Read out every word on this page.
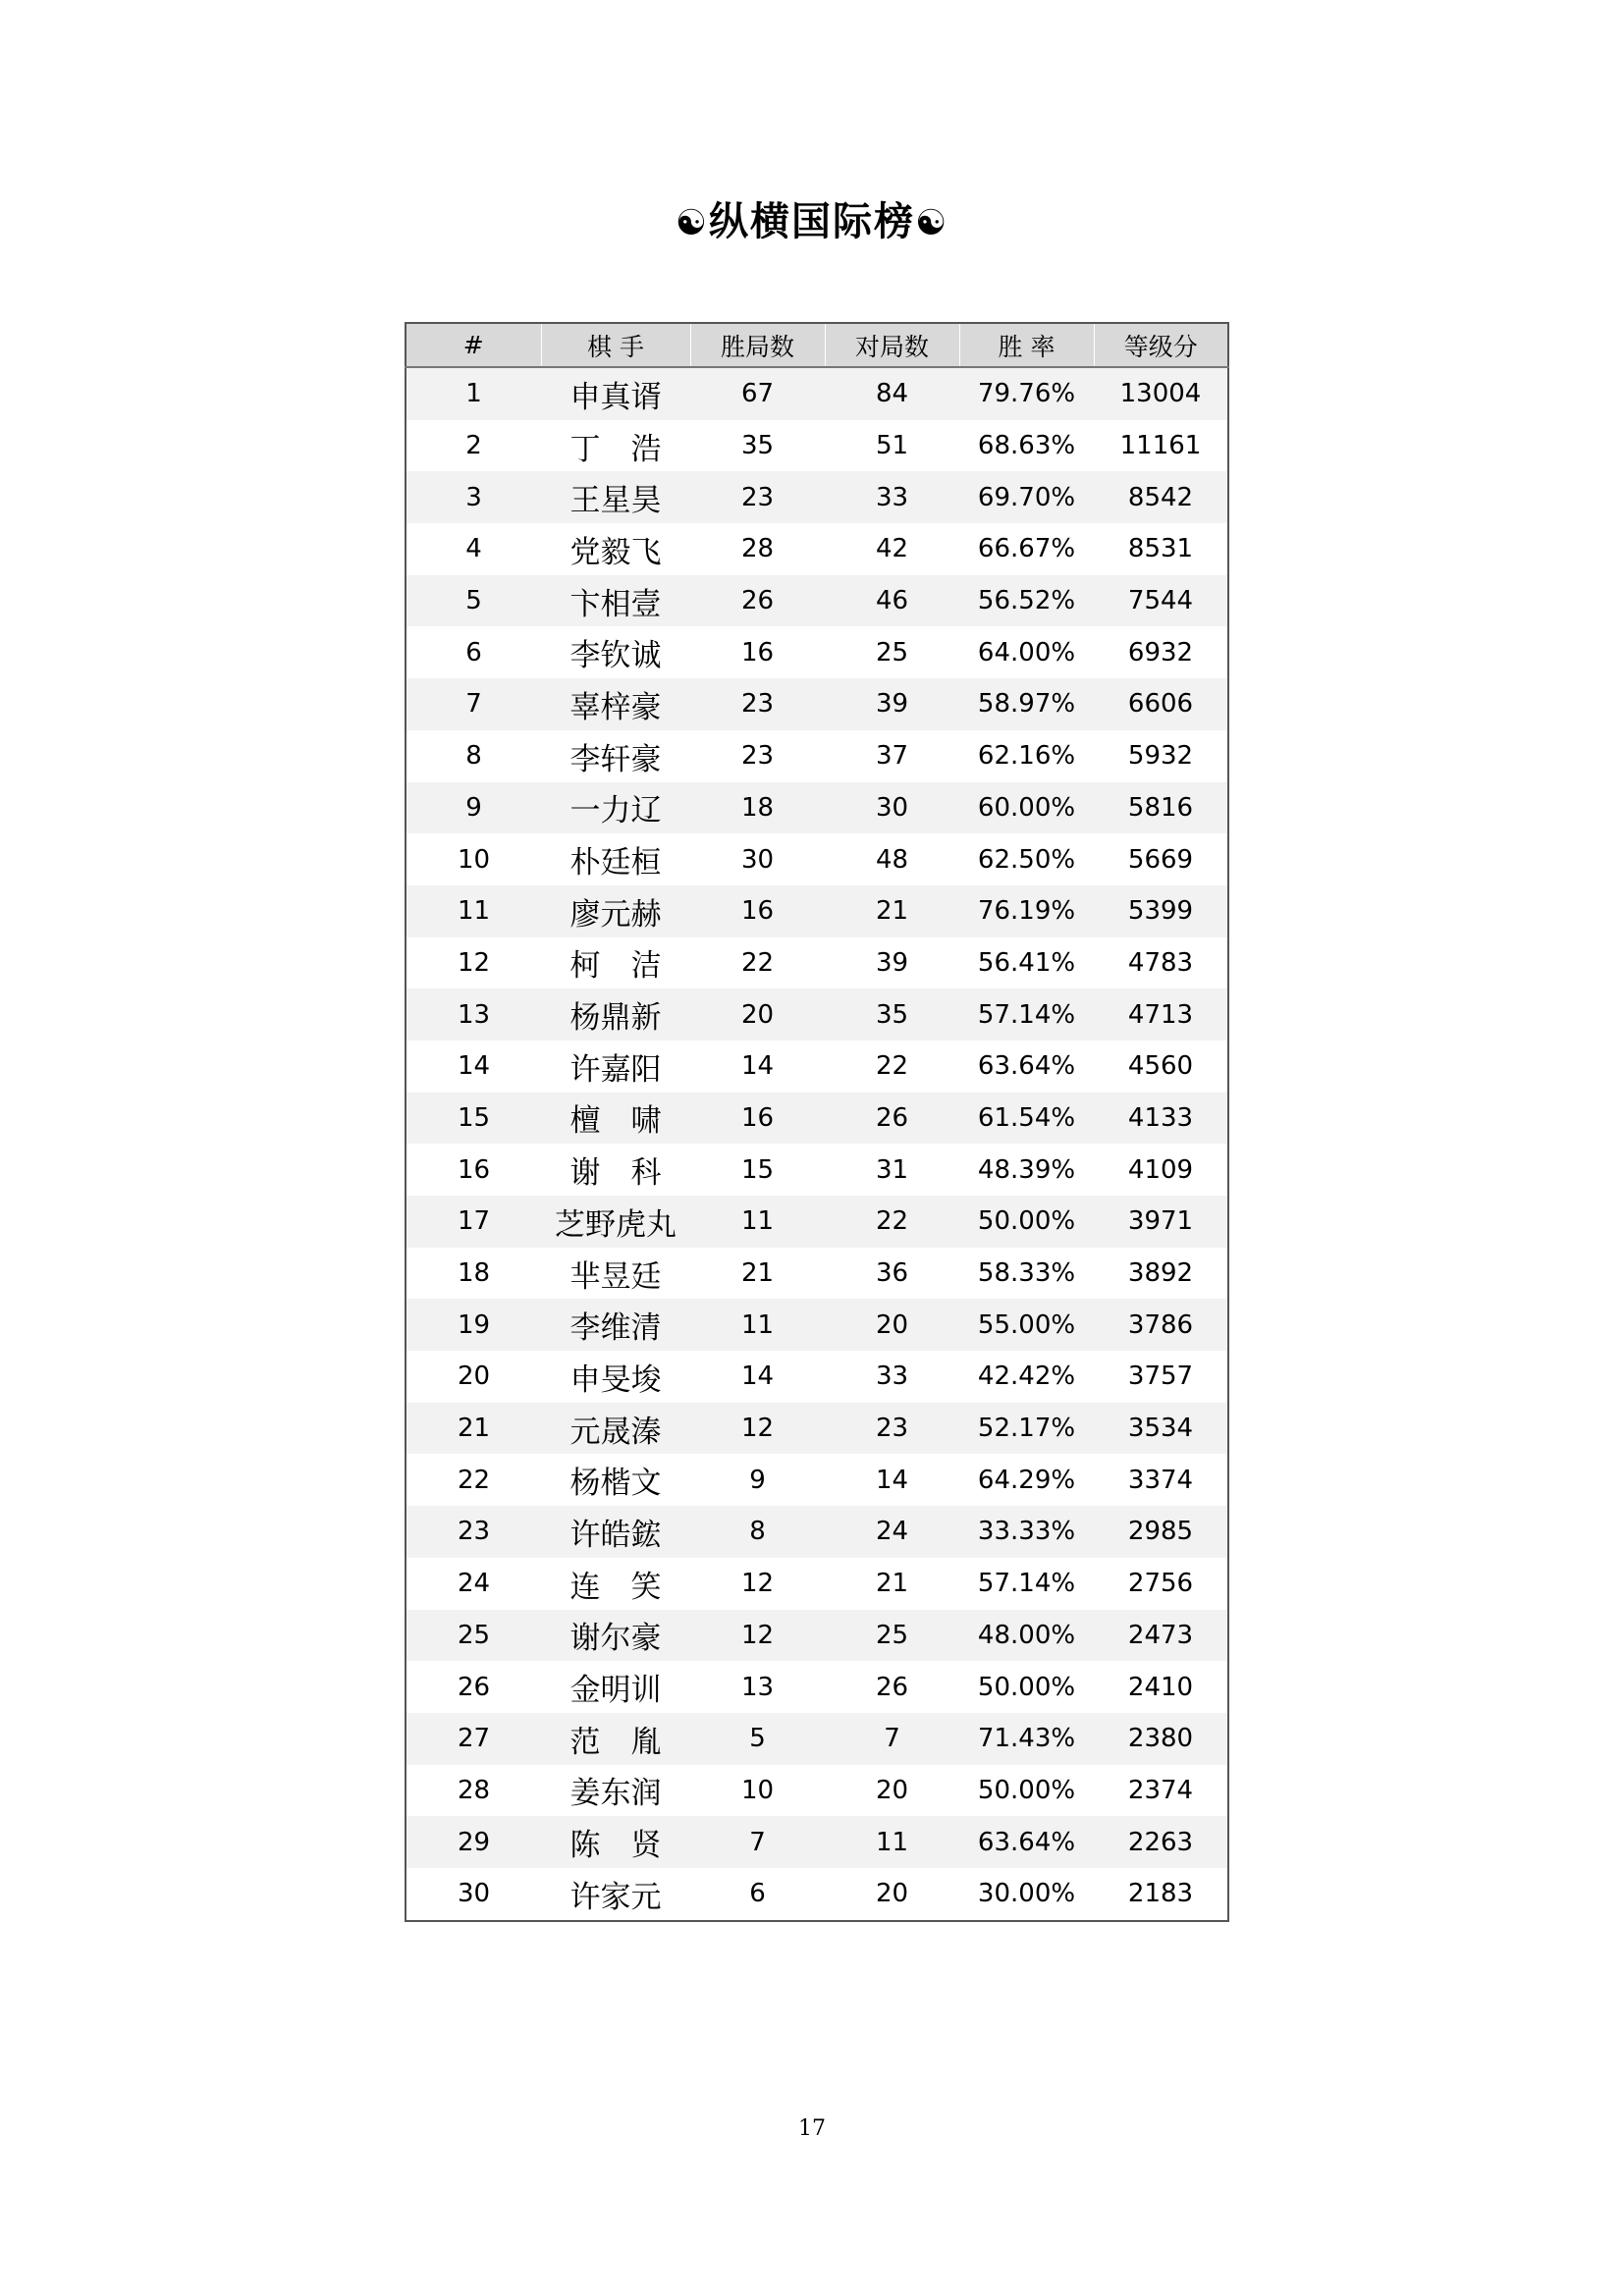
☯纵横国际榜☯
#	棋 手	胜局数	对局数	胜 率	等级分
1	申真谞	67	84	79.76%	13004
2	丁　浩	35	51	68.63%	11161
3	王星昊	23	33	69.70%	8542
4	党毅飞	28	42	66.67%	8531
5	卞相壹	26	46	56.52%	7544
6	李钦诚	16	25	64.00%	6932
7	辜梓豪	23	39	58.97%	6606
8	李轩豪	23	37	62.16%	5932
9	一力辽	18	30	60.00%	5816
10	朴廷桓	30	48	62.50%	5669
11	廖元赫	16	21	76.19%	5399
12	柯　洁	22	39	56.41%	4783
13	杨鼎新	20	35	57.14%	4713
14	许嘉阳	14	22	63.64%	4560
15	檀　啸	16	26	61.54%	4133
16	谢　科	15	31	48.39%	4109
17	芝野虎丸	11	22	50.00%	3971
18	芈昱廷	21	36	58.33%	3892
19	李维清	11	20	55.00%	3786
20	申旻埈	14	33	42.42%	3757
21	元晟溱	12	23	52.17%	3534
22	杨楷文	9	14	64.29%	3374
23	许皓鋐	8	24	33.33%	2985
24	连　笑	12	21	57.14%	2756
25	谢尔豪	12	25	48.00%	2473
26	金明训	13	26	50.00%	2410
27	范　胤	5	7	71.43%	2380
28	姜东润	10	20	50.00%	2374
29	陈　贤	7	11	63.64%	2263
30	许家元	6	20	30.00%	2183
17
